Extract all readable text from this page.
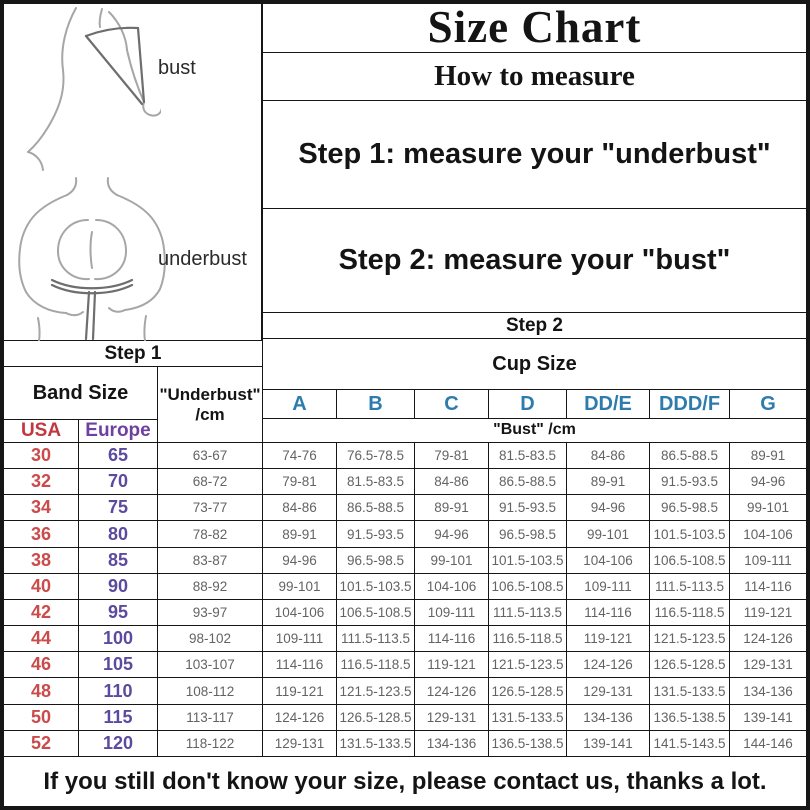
bust
underbust
Size Chart
How to measure
Step 1: measure your "underbust"
Step 2: measure your "bust"
Step 2
Cup Size
A	B	C	D	DD/E	DDD/F	G
"Bust" /cm
Step 1
Band Size	"Underbust"
/cm
USA	Europe
30	65	63-67	74-76	76.5-78.5	79-81	81.5-83.5	84-86	86.5-88.5	89-91
32	70	68-72	79-81	81.5-83.5	84-86	86.5-88.5	89-91	91.5-93.5	94-96
34	75	73-77	84-86	86.5-88.5	89-91	91.5-93.5	94-96	96.5-98.5	99-101
36	80	78-82	89-91	91.5-93.5	94-96	96.5-98.5	99-101	101.5-103.5	104-106
38	85	83-87	94-96	96.5-98.5	99-101	101.5-103.5	104-106	106.5-108.5	109-111
40	90	88-92	99-101	101.5-103.5	104-106	106.5-108.5	109-111	111.5-113.5	114-116
42	95	93-97	104-106	106.5-108.5	109-111	111.5-113.5	114-116	116.5-118.5	119-121
44	100	98-102	109-111	111.5-113.5	114-116	116.5-118.5	119-121	121.5-123.5	124-126
46	105	103-107	114-116	116.5-118.5	119-121	121.5-123.5	124-126	126.5-128.5	129-131
48	110	108-112	119-121	121.5-123.5	124-126	126.5-128.5	129-131	131.5-133.5	134-136
50	115	113-117	124-126	126.5-128.5	129-131	131.5-133.5	134-136	136.5-138.5	139-141
52	120	118-122	129-131	131.5-133.5	134-136	136.5-138.5	139-141	141.5-143.5	144-146
If you still don't know your size, please contact us, thanks a lot.
